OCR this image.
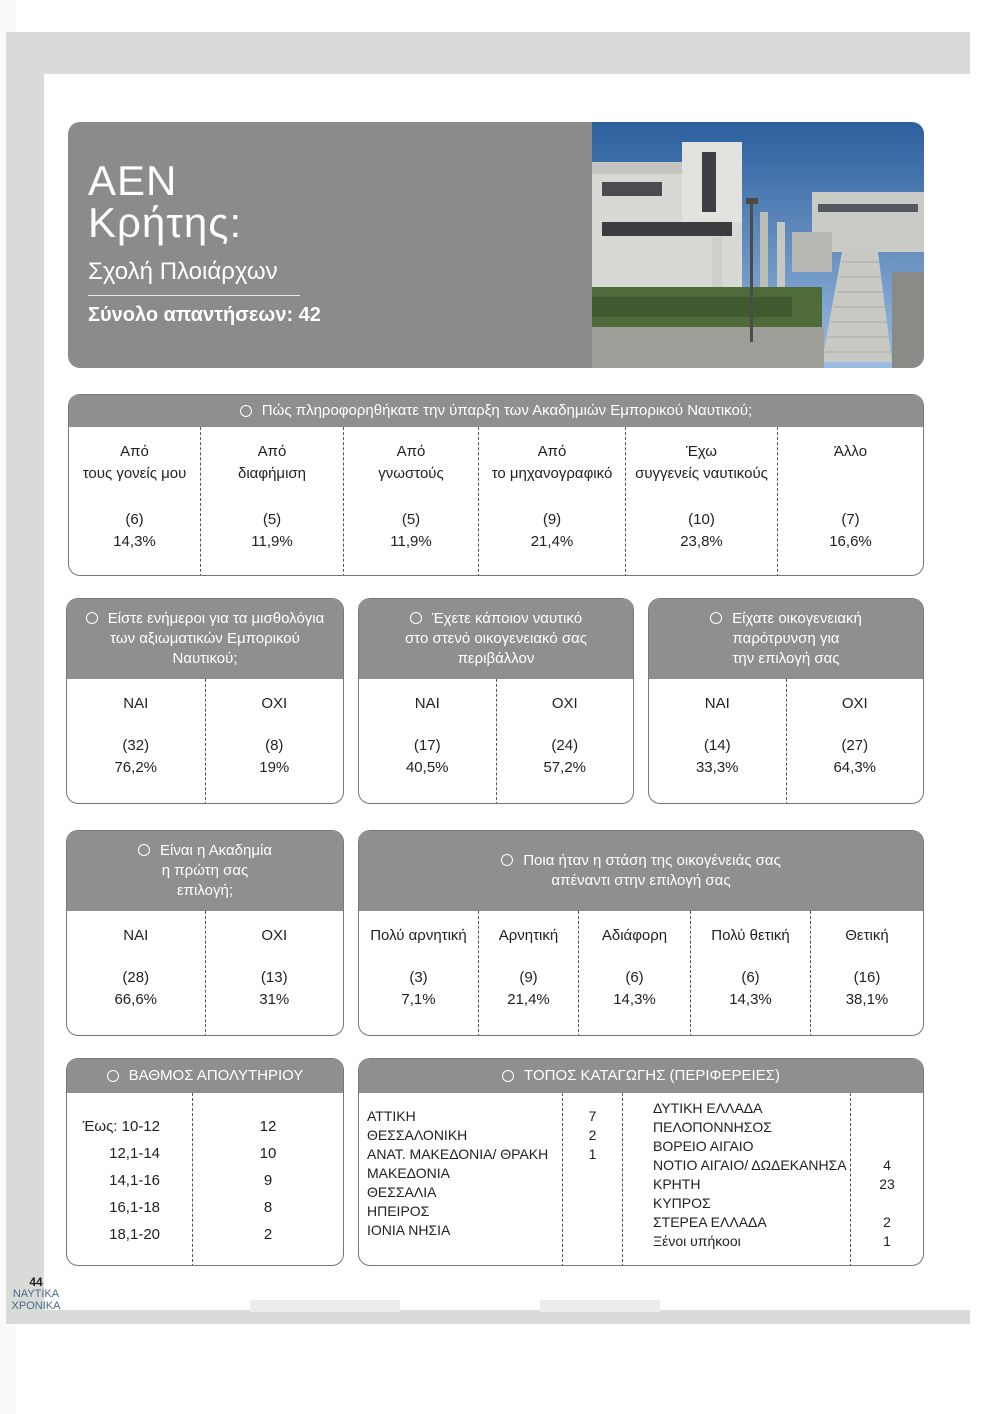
ΑΕΝ
Κρήτης:
Σχολή Πλοιάρχων
Σύνολο απαντήσεων: 42
Πώς πληροφορηθήκατε την ύπαρξη των Ακαδημιών Εμπορικού Ναυτικού;
Από
τους γονείς μου
(6)
14,3%
Από
διαφήμιση
(5)
11,9%
Από
γνωστούς
(5)
11,9%
Από
το μηχανογραφικό
(9)
21,4%
Έχω
συγγενείς ναυτικούς
(10)
23,8%
Άλλο

(7)
16,6%
Είστε ενήμεροι για τα μισθολόγια
των αξιωματικών Εμπορικού
Ναυτικού;
ΝΑΙ
(32)
76,2%
ΟΧΙ
(8)
19%
Έχετε κάποιον ναυτικό
στο στενό οικογενειακό σας
περιβάλλον
ΝΑΙ
(17)
40,5%
ΟΧΙ
(24)
57,2%
Είχατε οικογενειακή
παρότρυνση για
την επιλογή σας
ΝΑΙ
(14)
33,3%
ΟΧΙ
(27)
64,3%
Είναι η Ακαδημία
η πρώτη σας
επιλογή;
ΝΑΙ
(28)
66,6%
ΟΧΙ
(13)
31%
Ποια ήταν η στάση της οικογένειάς σας
απέναντι στην επιλογή σας
Πολύ αρνητική
(3)
7,1%
Αρνητική
(9)
21,4%
Αδιάφορη
(6)
14,3%
Πολύ θετική
(6)
14,3%
Θετική
(16)
38,1%
ΒΑΘΜΟΣ ΑΠΟΛΥΤΗΡΙΟΥ
Έως: 10-12
12,1-14
14,1-16
16,1-18
18,1-20
12
10
9
8
2
ΤΟΠΟΣ ΚΑΤΑΓΩΓΗΣ (ΠΕΡΙΦΕΡΕΙΕΣ)
ΑΤΤΙΚΗ
ΘΕΣΣΑΛΟΝΙΚΗ
ΑΝΑΤ. ΜΑΚΕΔΟΝΙΑ/ ΘΡΑΚΗ
ΜΑΚΕΔΟΝΙΑ
ΘΕΣΣΑΛΙΑ
ΗΠΕΙΡΟΣ
ΙΟΝΙΑ ΝΗΣΙΑ
7
2
1
ΔΥΤΙΚΗ ΕΛΛΑΔΑ
ΠΕΛΟΠΟΝΝΗΣΟΣ
ΒΟΡΕΙΟ ΑΙΓΑΙΟ
ΝΟΤΙΟ ΑΙΓΑΙΟ/ ΔΩΔΕΚΑΝΗΣΑ
ΚΡΗΤΗ
ΚΥΠΡΟΣ
ΣΤΕΡΕΑ ΕΛΛΑΔΑ
Ξένοι υπήκοοι

4
23

2
1
44
ΝΑΥΤΙΚΑ
ΧΡΟΝΙΚΑ
